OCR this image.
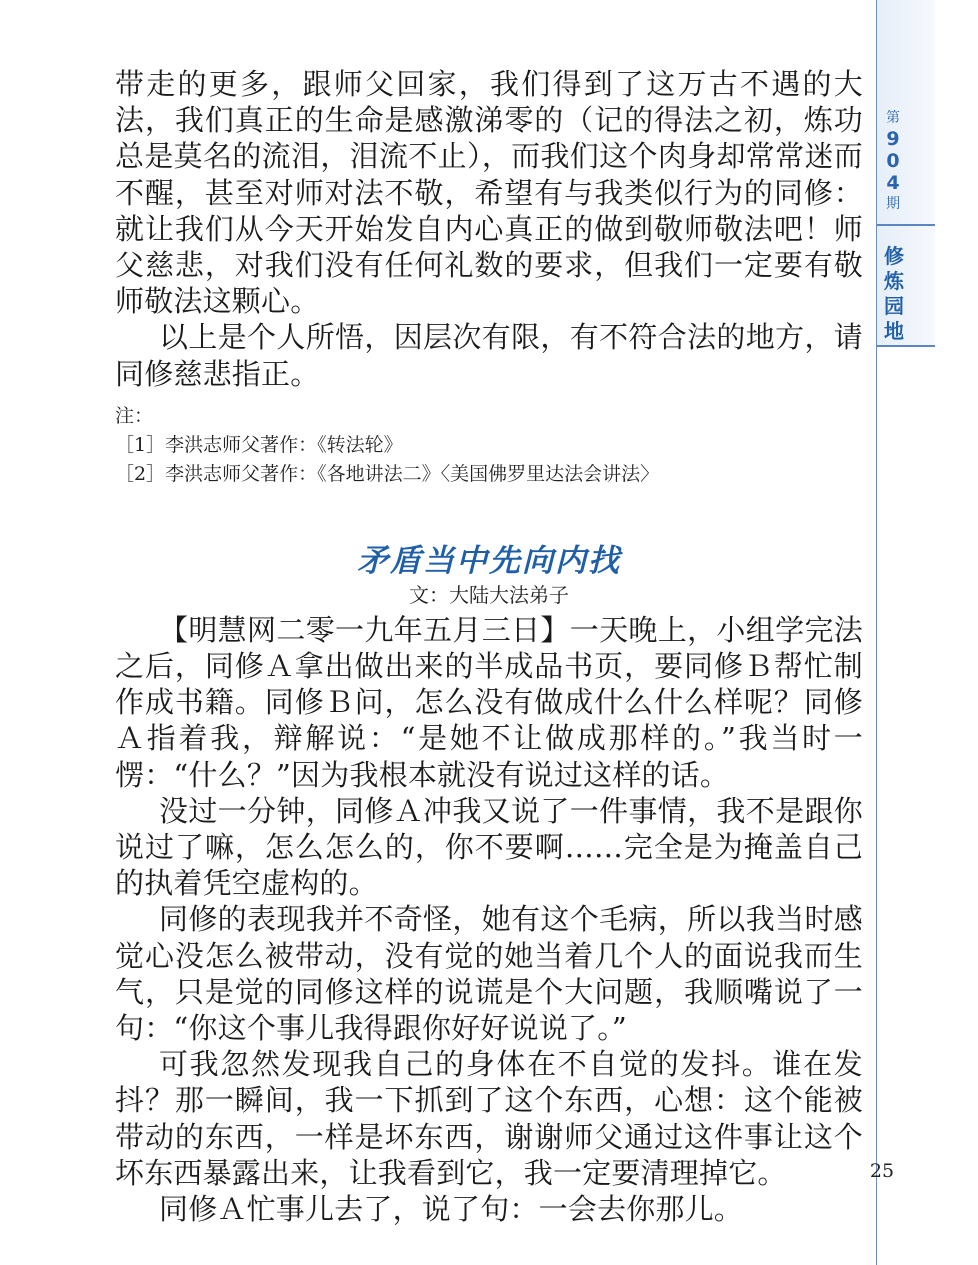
第
9
0
4
期
修
炼
园
地

带走的更多，跟师父回家，我们得到了这万古不遇的大法，我们真正的生命是感激涕零的（记的得法之初，炼功总是莫名的流泪，泪流不止），而我们这个肉身却常常迷而不醒，甚至对师对法不敬，希望有与我类似行为的同修：就让我们从今天开始发自内心真正的做到敬师敬法吧！师父慈悲，对我们没有任何礼数的要求，但我们一定要有敬师敬法这颗心。

以上是个人所悟，因层次有限，有不符合法的地方，请同修慈悲指正。

注：
［1］李洪志师父著作：《转法轮》
［2］李洪志师父著作：《各地讲法二》〈美国佛罗里达法会讲法〉
矛盾当中先向内找
文：大陆大法弟子

【明慧网二零一九年五月三日】一天晚上，小组学完法之后，同修Ａ拿出做出来的半成品书页，要同修Ｂ帮忙制作成书籍。同修Ｂ问，怎么没有做成什么什么样呢？同修Ａ指着我，辩解说：“是她不让做成那样的。”我当时一愣：“什么？”因为我根本就没有说过这样的话。

没过一分钟，同修Ａ冲我又说了一件事情，我不是跟你说过了嘛，怎么怎么的，你不要啊……完全是为掩盖自己的执着凭空虚构的。

同修的表现我并不奇怪，她有这个毛病，所以我当时感觉心没怎么被带动，没有觉的她当着几个人的面说我而生气，只是觉的同修这样的说谎是个大问题，我顺嘴说了一句：“你这个事儿我得跟你好好说说了。”

可我忽然发现我自己的身体在不自觉的发抖。谁在发抖？那一瞬间，我一下抓到了这个东西，心想：这个能被带动的东西，一样是坏东西，谢谢师父通过这件事让这个坏东西暴露出来，让我看到它，我一定要清理掉它。

同修Ａ忙事儿去了，说了句：一会去你那儿。

25
